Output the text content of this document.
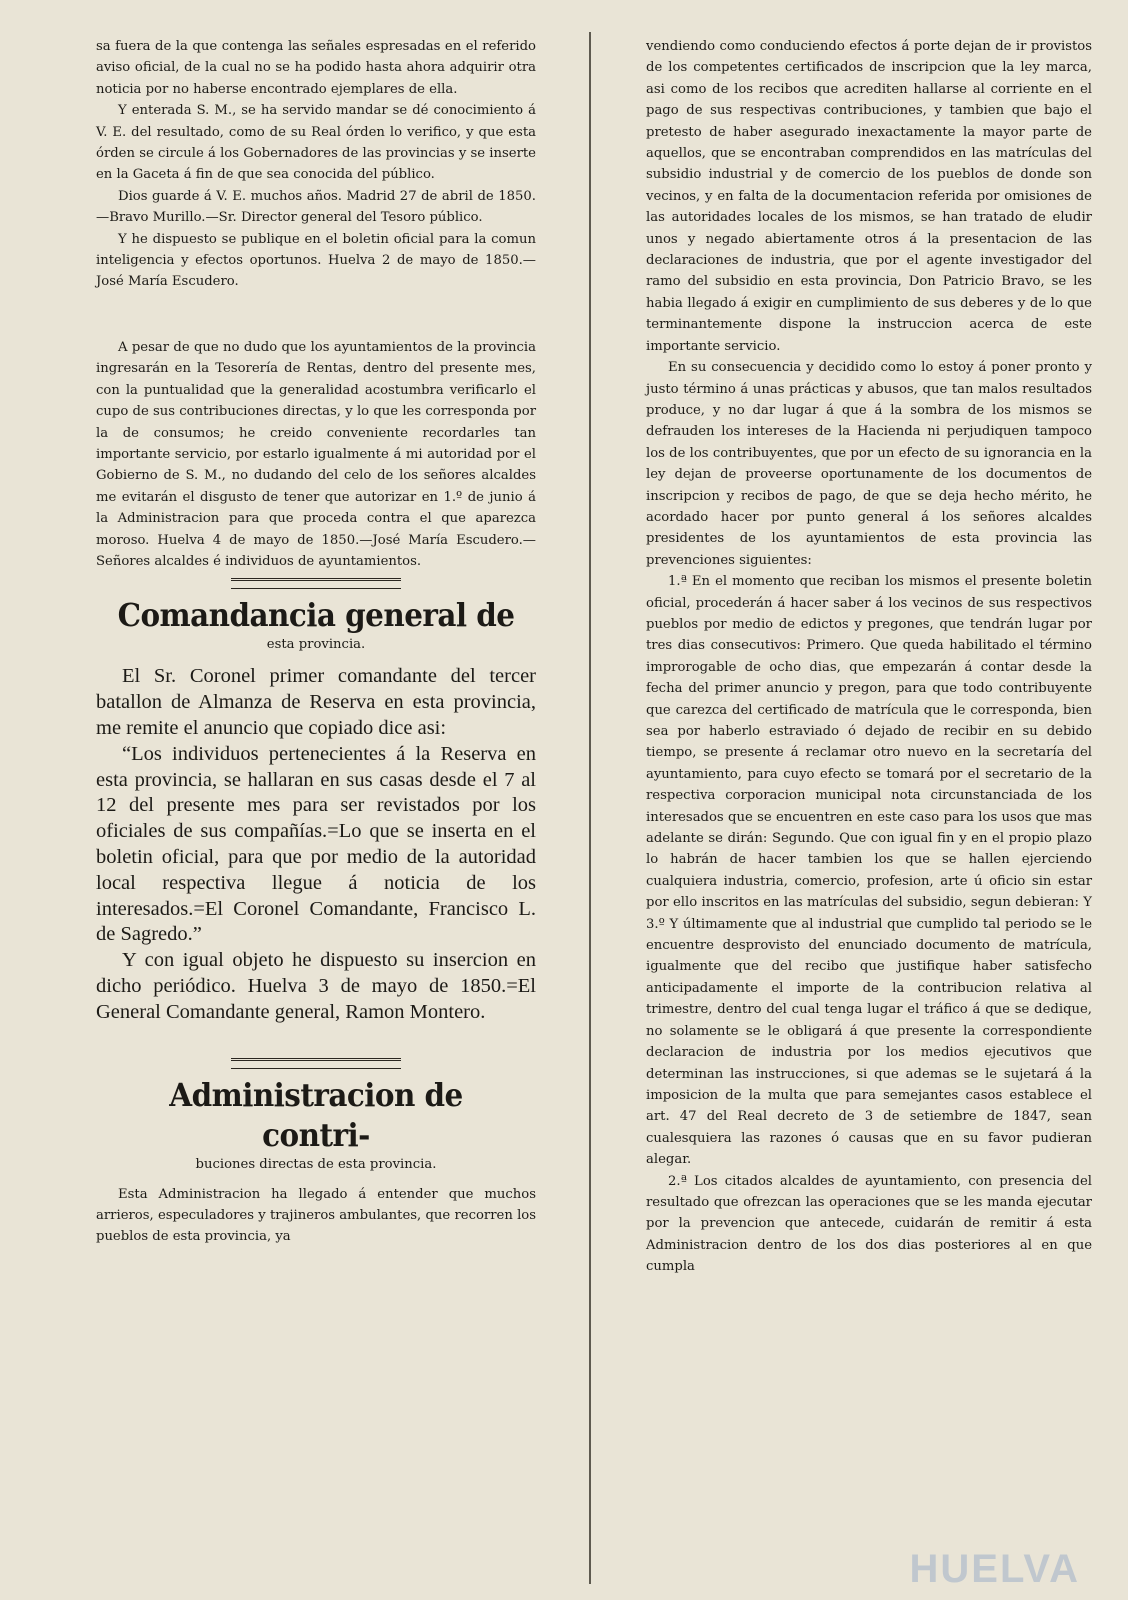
sa fuera de la que contenga las señales espresadas en el referido aviso oficial, de la cual no se ha podido hasta ahora adquirir otra noticia por no haberse encontrado ejemplares de ella.

Y enterada S. M., se ha servido mandar se dé conocimiento á V. E. del resultado, como de su Real órden lo verifico, y que esta órden se circule á los Gobernadores de las provincias y se inserte en la Gaceta á fin de que sea conocida del público.

Dios guarde á V. E. muchos años. Madrid 27 de abril de 1850.—Bravo Murillo.—Sr. Director general del Tesoro público.

Y he dispuesto se publique en el boletin oficial para la comun inteligencia y efectos oportunos. Huelva 2 de mayo de 1850.—José María Escudero.

A pesar de que no dudo que los ayuntamientos de la provincia ingresarán en la Tesorería de Rentas, dentro del presente mes, con la puntualidad que la generalidad acostumbra verificarlo el cupo de sus contribuciones directas, y lo que les corresponda por la de consumos; he creido conveniente recordarles tan importante servicio, por estarlo igualmente á mi autoridad por el Gobierno de S. M., no dudando del celo de los señores alcaldes me evitarán el disgusto de tener que autorizar en 1.º de junio á la Administracion para que proceda contra el que aparezca moroso. Huelva 4 de mayo de 1850.—José María Escudero.—Señores alcaldes é individuos de ayuntamientos.

Comandancia general de
esta provincia.

El Sr. Coronel primer comandante del tercer batallon de Almanza de Reserva en esta provincia, me remite el anuncio que copiado dice asi:

“Los individuos pertenecientes á la Reserva en esta provincia, se hallaran en sus casas desde el 7 al 12 del presente mes para ser revistados por los oficiales de sus compañías.=Lo que se inserta en el boletin oficial, para que por medio de la autoridad local respectiva llegue á noticia de los interesados.=El Coronel Comandante, Francisco L. de Sagredo.”

Y con igual objeto he dispuesto su insercion en dicho periódico. Huelva 3 de mayo de 1850.=El General Comandante general, Ramon Montero.

Administracion de contri-
buciones directas de esta provincia.

Esta Administracion ha llegado á entender que muchos arrieros, especuladores y trajineros ambulantes, que recorren los pueblos de esta provincia, ya

vendiendo como conduciendo efectos á porte dejan de ir provistos de los competentes certificados de inscripcion que la ley marca, asi como de los recibos que acrediten hallarse al corriente en el pago de sus respectivas contribuciones, y tambien que bajo el pretesto de haber asegurado inexactamente la mayor parte de aquellos, que se encontraban comprendidos en las matrículas del subsidio industrial y de comercio de los pueblos de donde son vecinos, y en falta de la documentacion referida por omisiones de las autoridades locales de los mismos, se han tratado de eludir unos y negado abiertamente otros á la presentacion de las declaraciones de industria, que por el agente investigador del ramo del subsidio en esta provincia, Don Patricio Bravo, se les habia llegado á exigir en cumplimiento de sus deberes y de lo que terminantemente dispone la instruccion acerca de este importante servicio.

En su consecuencia y decidido como lo estoy á poner pronto y justo término á unas prácticas y abusos, que tan malos resultados produce, y no dar lugar á que á la sombra de los mismos se defrauden los intereses de la Hacienda ni perjudiquen tampoco los de los contribuyentes, que por un efecto de su ignorancia en la ley dejan de proveerse oportunamente de los documentos de inscripcion y recibos de pago, de que se deja hecho mérito, he acordado hacer por punto general á los señores alcaldes presidentes de los ayuntamientos de esta provincia las prevenciones siguientes:

1.ª En el momento que reciban los mismos el presente boletin oficial, procederán á hacer saber á los vecinos de sus respectivos pueblos por medio de edictos y pregones, que tendrán lugar por tres dias consecutivos: Primero. Que queda habilitado el término improrogable de ocho dias, que empezarán á contar desde la fecha del primer anuncio y pregon, para que todo contribuyente que carezca del certificado de matrícula que le corresponda, bien sea por haberlo estraviado ó dejado de recibir en su debido tiempo, se presente á reclamar otro nuevo en la secretaría del ayuntamiento, para cuyo efecto se tomará por el secretario de la respectiva corporacion municipal nota circunstanciada de los interesados que se encuentren en este caso para los usos que mas adelante se dirán: Segundo. Que con igual fin y en el propio plazo lo habrán de hacer tambien los que se hallen ejerciendo cualquiera industria, comercio, profesion, arte ú oficio sin estar por ello inscritos en las matrículas del subsidio, segun debieran: Y 3.º Y últimamente que al industrial que cumplido tal periodo se le encuentre desprovisto del enunciado documento de matrícula, igualmente que del recibo que justifique haber satisfecho anticipadamente el importe de la contribucion relativa al trimestre, dentro del cual tenga lugar el tráfico á que se dedique, no solamente se le obligará á que presente la correspondiente declaracion de industria por los medios ejecutivos que determinan las instrucciones, si que ademas se le sujetará á la imposicion de la multa que para semejantes casos establece el art. 47 del Real decreto de 3 de setiembre de 1847, sean cualesquiera las razones ó causas que en su favor pudieran alegar.

2.ª Los citados alcaldes de ayuntamiento, con presencia del resultado que ofrezcan las operaciones que se les manda ejecutar por la prevencion que antecede, cuidarán de remitir á esta Administracion dentro de los dos dias posteriores al en que cumpla

HUELVA
